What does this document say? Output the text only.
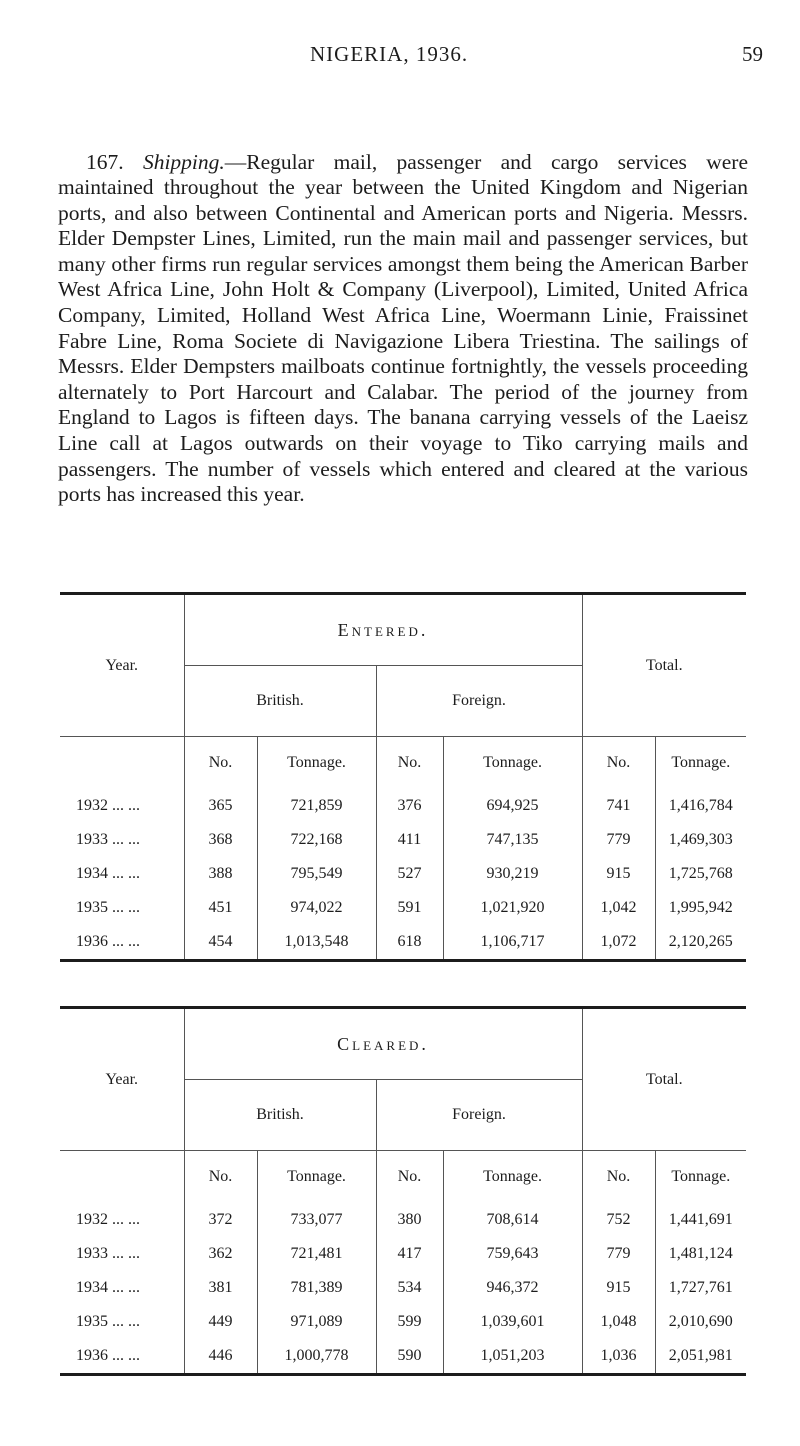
NIGERIA, 1936.	59

167. Shipping.—Regular mail, passenger and cargo services were maintained throughout the year between the United Kingdom and Nigerian ports, and also between Continental and American ports and Nigeria. Messrs. Elder Dempster Lines, Limited, run the main mail and passenger services, but many other firms run regular services amongst them being the American Barber West Africa Line, John Holt & Company (Liverpool), Limited, United Africa Company, Limited, Holland West Africa Line, Woermann Linie, Fraissinet Fabre Line, Roma Societe di Navigazione Libera Triestina. The sailings of Messrs. Elder Dempsters mailboats continue fortnightly, the vessels proceeding alternately to Port Harcourt and Calabar. The period of the journey from England to Lagos is fifteen days. The banana carrying vessels of the Laeisz Line call at Lagos outwards on their voyage to Tiko carrying mails and passengers. The number of vessels which entered and cleared at the various ports has increased this year.

Year.	Entered.				Total.	
	British.		Foreign.			
	No.	Tonnage.	No.	Tonnage.	No.	Tonnage.
1932 ... ...	365	721,859	376	694,925	741	1,416,784
1933 ... ...	368	722,168	411	747,135	779	1,469,303
1934 ... ...	388	795,549	527	930,219	915	1,725,768
1935 ... ...	451	974,022	591	1,021,920	1,042	1,995,942
1936 ... ...	454	1,013,548	618	1,106,717	1,072	2,120,265
Year.	Cleared.				Total.	
	British.		Foreign.			
	No.	Tonnage.	No.	Tonnage.	No.	Tonnage.
1932 ... ...	372	733,077	380	708,614	752	1,441,691
1933 ... ...	362	721,481	417	759,643	779	1,481,124
1934 ... ...	381	781,389	534	946,372	915	1,727,761
1935 ... ...	449	971,089	599	1,039,601	1,048	2,010,690
1936 ... ...	446	1,000,778	590	1,051,203	1,036	2,051,981
